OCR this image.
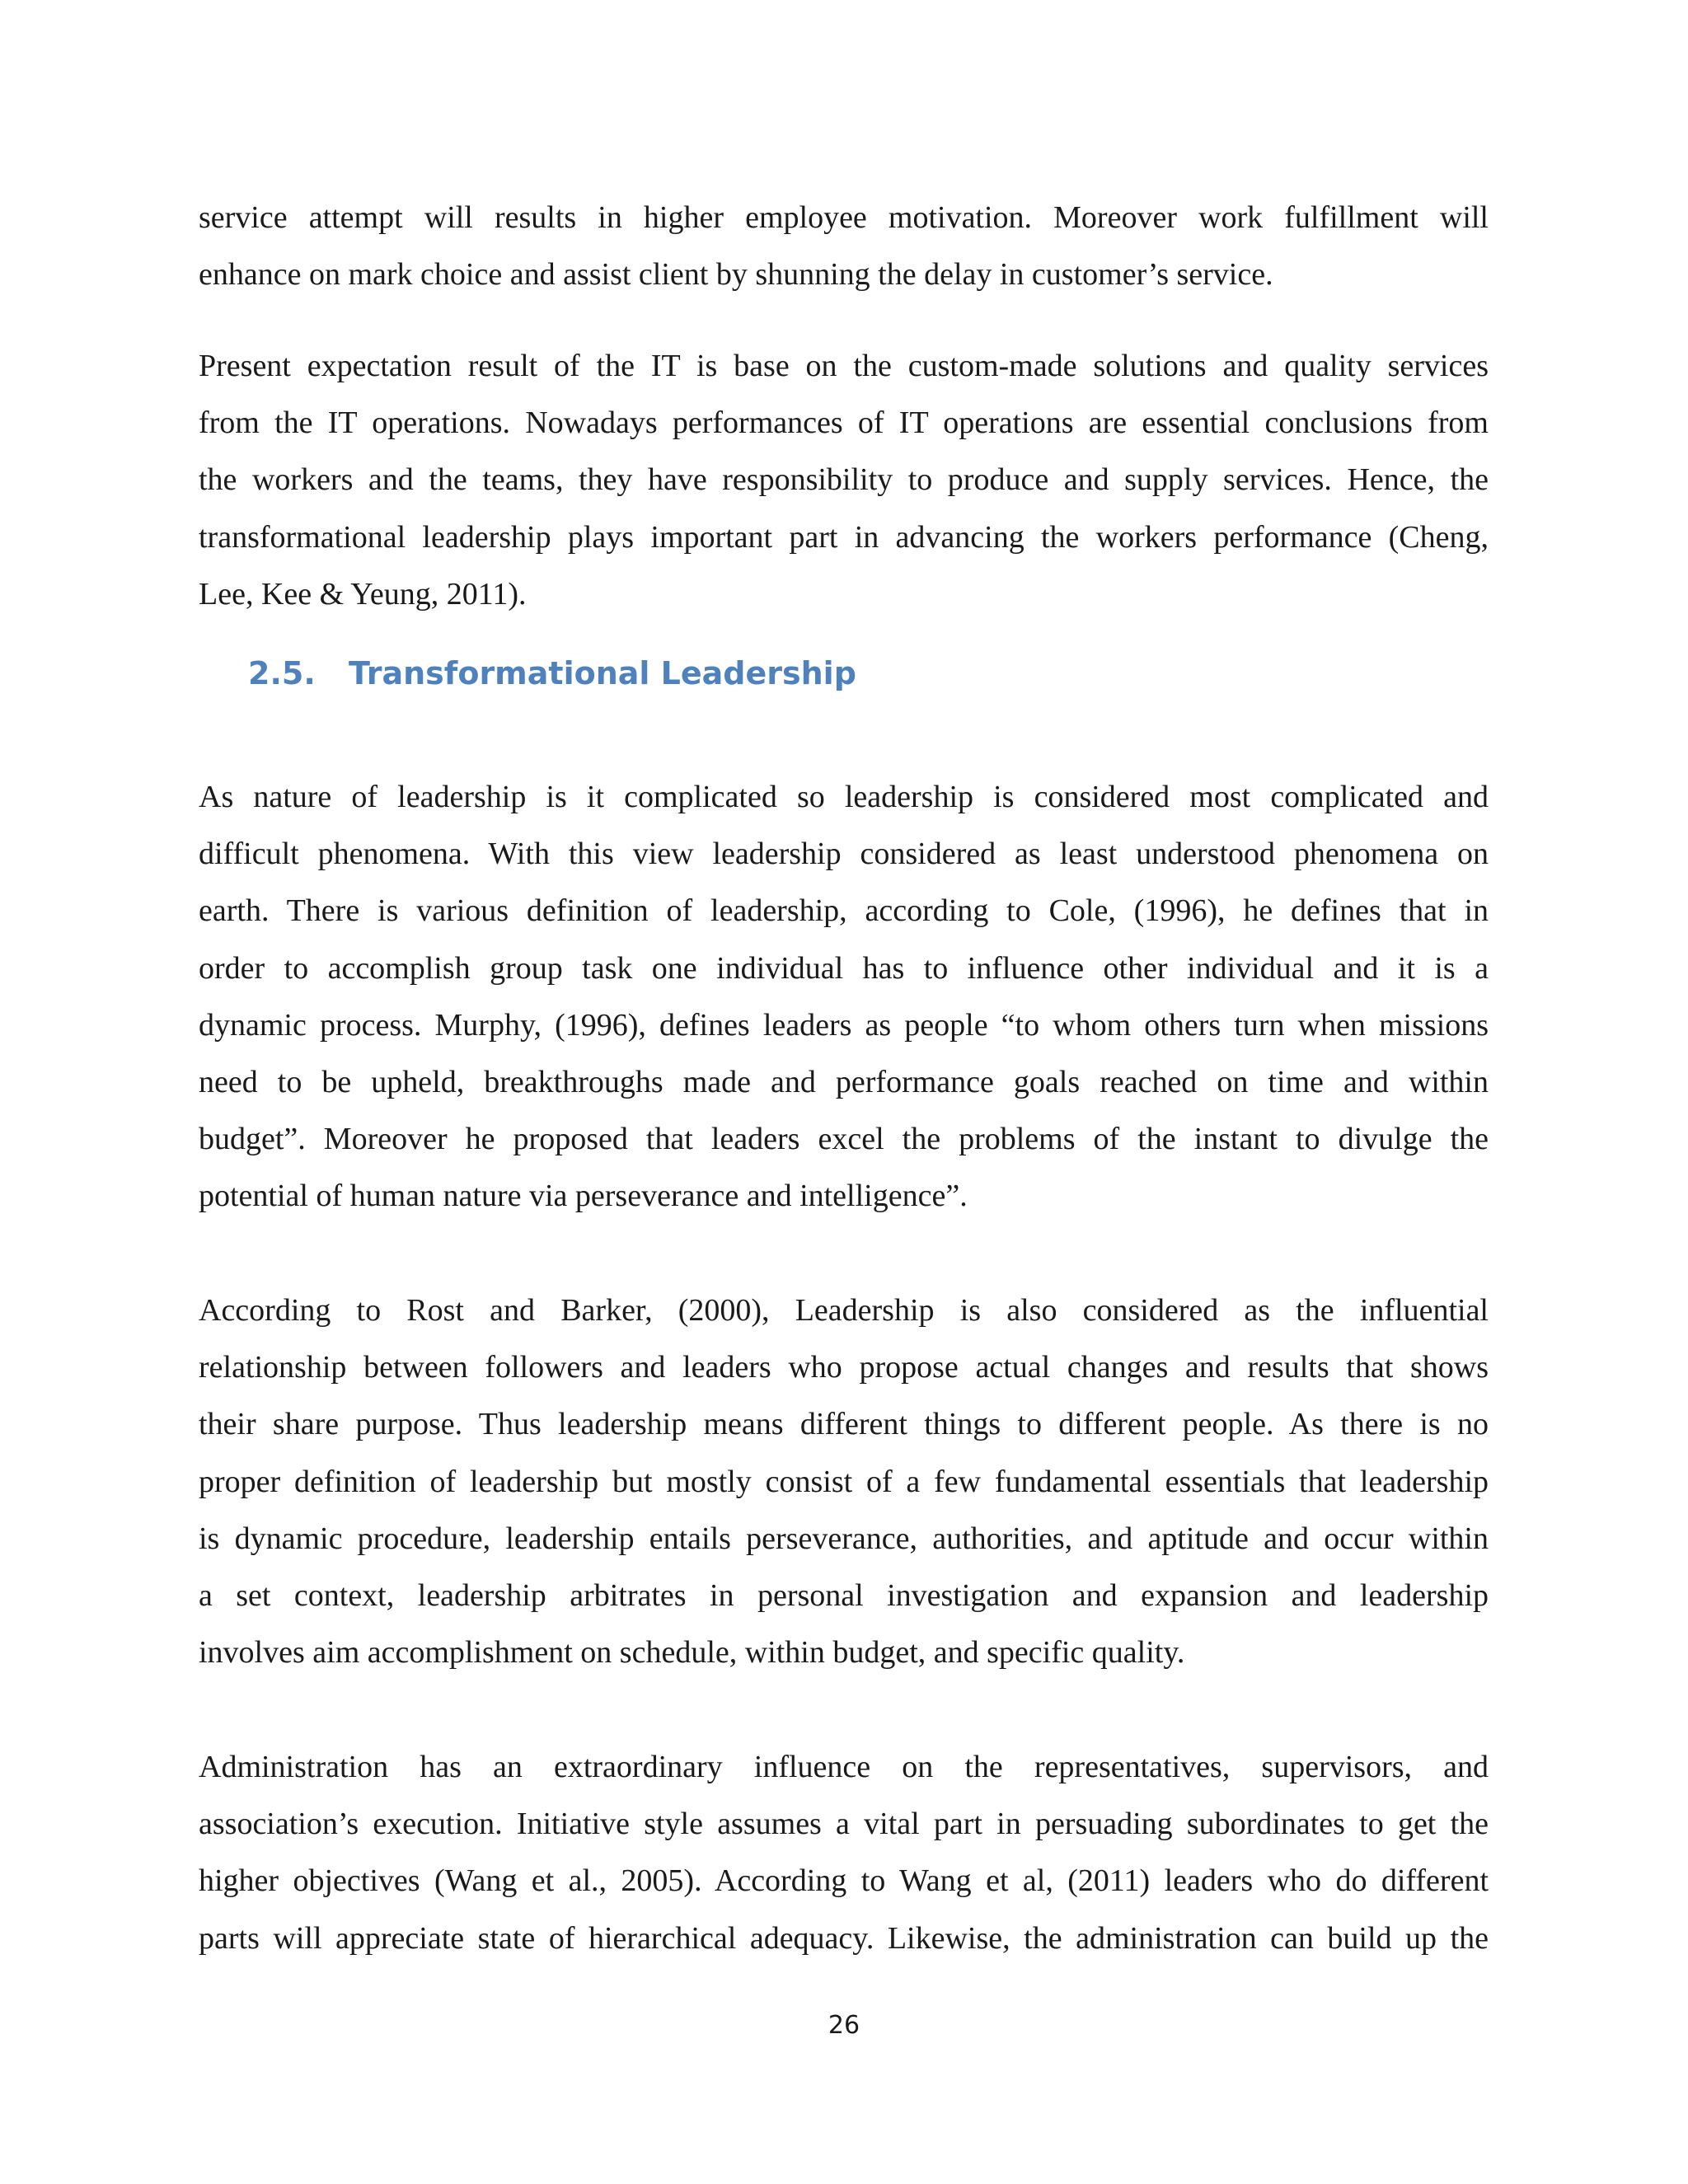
service attempt will results in higher employee motivation. Moreover work fulfillment will
enhance on mark choice and assist client by shunning the delay in customer’s service.
Present expectation result of the IT is base on the custom-made solutions and quality services
from the IT operations. Nowadays performances of IT operations are essential conclusions from
the workers and the teams, they have responsibility to produce and supply services. Hence, the
transformational leadership plays important part in advancing the workers performance (Cheng,
Lee, Kee & Yeung, 2011).
2.5. Transformational Leadership
As nature of leadership is it complicated so leadership is considered most complicated and
difficult phenomena. With this view leadership considered as least understood phenomena on
earth. There is various definition of leadership, according to Cole, (1996), he defines that in
order to accomplish group task one individual has to influence other individual and it is a
dynamic process. Murphy, (1996), defines leaders as people “to whom others turn when missions
need to be upheld, breakthroughs made and performance goals reached on time and within
budget”. Moreover he proposed that leaders excel the problems of the instant to divulge the
potential of human nature via perseverance and intelligence”.
According to Rost and Barker, (2000), Leadership is also considered as the influential
relationship between followers and leaders who propose actual changes and results that shows
their share purpose. Thus leadership means different things to different people. As there is no
proper definition of leadership but mostly consist of a few fundamental essentials that leadership
is dynamic procedure, leadership entails perseverance, authorities, and aptitude and occur within
a set context, leadership arbitrates in personal investigation and expansion and leadership
involves aim accomplishment on schedule, within budget, and specific quality.
Administration has an extraordinary influence on the representatives, supervisors, and
association’s execution. Initiative style assumes a vital part in persuading subordinates to get the
higher objectives (Wang et al., 2005). According to Wang et al, (2011) leaders who do different
parts will appreciate state of hierarchical adequacy. Likewise, the administration can build up the
26
